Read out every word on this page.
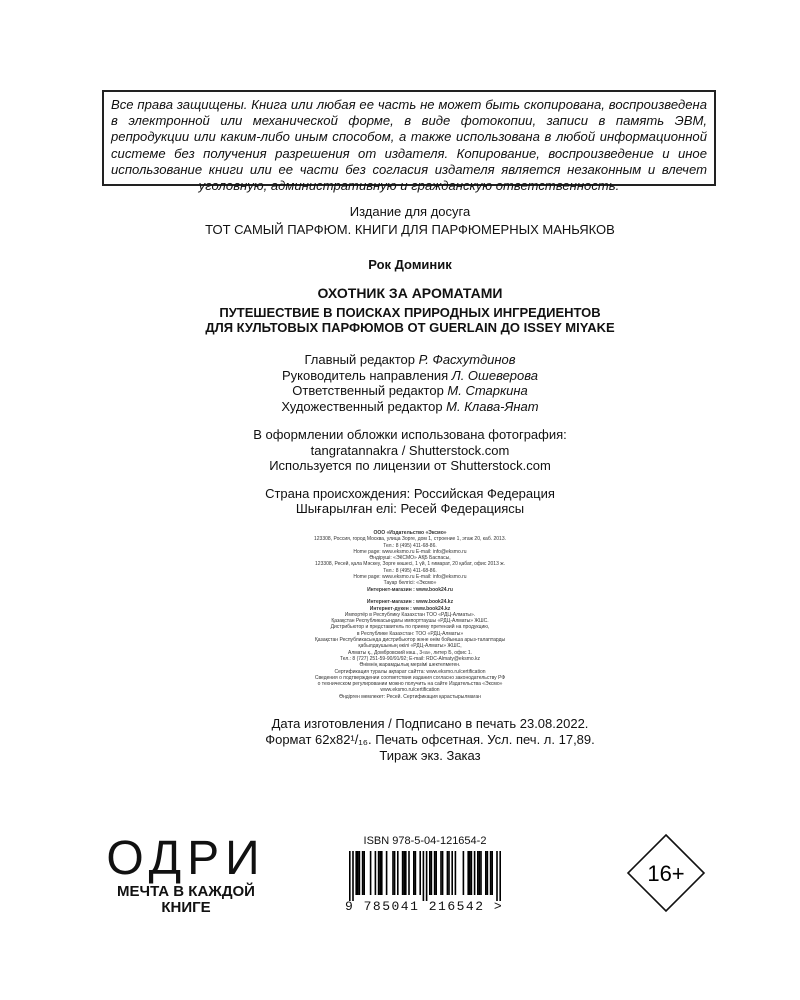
Все права защищены. Книга или любая ее часть не может быть скопирована, воспроизведена в электронной или механической форме, в виде фотокопии, записи в память ЭВМ, репродукции или каким-либо иным способом, а также использована в любой информационной системе без получения разрешения от издателя. Копирование, воспроизведение и иное использование книги или ее части без согласия издателя является незаконным и влечет уголовную, административную и гражданскую ответственность.
Издание для досуга
ТОТ САМЫЙ ПАРФЮМ. КНИГИ ДЛЯ ПАРФЮМЕРНЫХ МАНЬЯКОВ
Рок Доминик
ОХОТНИК ЗА АРОМАТАМИ
ПУТЕШЕСТВИЕ В ПОИСКАХ ПРИРОДНЫХ ИНГРЕДИЕНТОВ
ДЛЯ КУЛЬТОВЫХ ПАРФЮМОВ ОТ GUERLAIN ДО ISSEY MIYAKE
Главный редактор Р. Фасхутдинов
Руководитель направления Л. Ошеверова
Ответственный редактор М. Старкина
Художественный редактор М. Клава-Янат
В оформлении обложки использована фотография:
tangratannakra / Shutterstock.com
Используется по лицензии от Shutterstock.com
Страна происхождения: Российская Федерация
Шығарылған елі: Ресей Федерациясы
ООО «Издательство «Эксмо»
123308, Россия, город Москва, улица Зорге, дом 1, строение 1, этаж 20, каб. 2013.
Тел.: 8 (495) 411-68-86.
Home page: www.eksmo.ru E-mail: info@eksmo.ru
Өндіруші: «ЭКСМО» АҚБ Баспасы,
123308, Ресей, қала Мәскеу, Зорге көшесі, 1 үй, 1 ғимарат, 20 қабат, офис 2013 ж.
Тел.: 8 (495) 411-68-86.
Home page: www.eksmo.ru E-mail: info@eksmo.ru
Тауар белгісі: «Эксмо»
Интернет-магазин : www.book24.ru

Интернет-магазин : www.book24.kz
Интернет-дүкен : www.book24.kz
Импортёр в Республику Казахстан ТОО «РДЦ-Алматы».
Қазақстан Республикасындағы импорттаушы «РДЦ-Алматы» ЖШС.
Дистрибьютор и представитель по приему претензий на продукцию,
в Республике Казахстан: ТОО «РДЦ-Алматы»
Қазақстан Республикасында дистрибьютор және өнім бойынша арыз-талаптарды
қабылдаушының өкілі «РДЦ-Алматы» ЖШС,
Алматы қ., Домбровский көш., 3«а», литер Б, офис 1.
Тел.: 8 (727) 251-59-90/91/92; E-mail: RDC-Almaty@eksmo.kz
Өнімнің жарамдылық мерзімі шектелмеген.
Сертификация туралы ақпарат сайтта: www.eksmo.ru/certification
Сведения о подтверждении соответствия издания согласно законодательству РФ
о техническом регулировании можно получить на сайте Издательства «Эксмо»
www.eksmo.ru/certification
Өндірген мемлекет: Ресей. Сертификация қарастырылмаған
Дата изготовления / Подписано в печать 23.08.2022.
Формат 62x82¹/₁₆. Печать офсетная. Усл. печ. л. 17,89.
Тираж экз. Заказ
ОДРИ
МЕЧТА В КАЖДОЙ
КНИГЕ
ISBN 978-5-04-121654-2
9 785041 216542 >
16+
